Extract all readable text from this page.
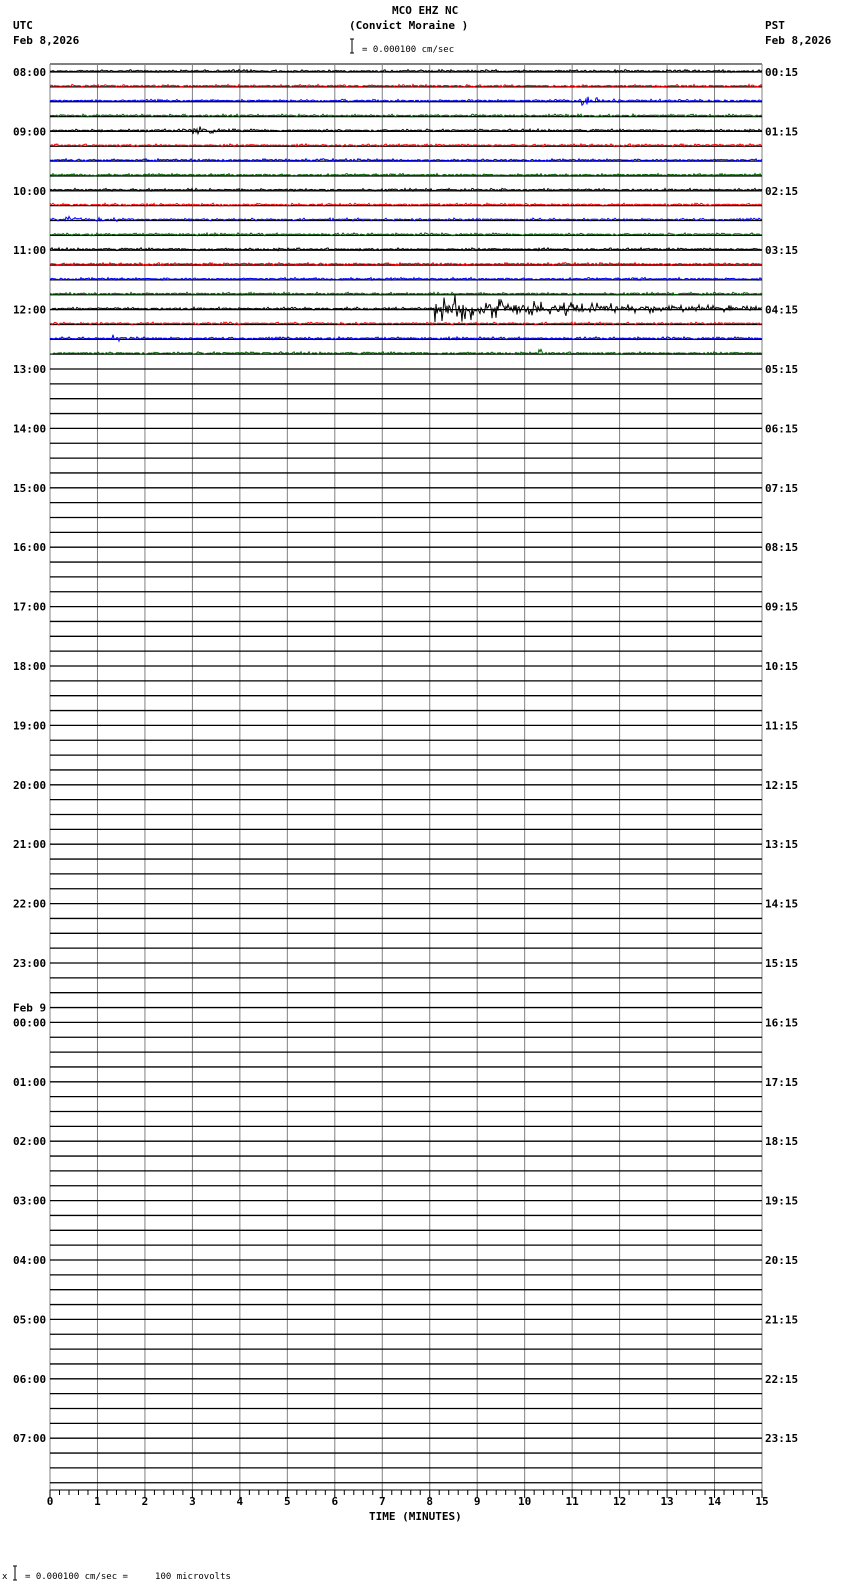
MCO EHZ NC
(Convict Moraine )
UTC
Feb 8,2026
PST
Feb 8,2026
= 0.000100 cm/sec
08:00
09:00
10:00
11:00
12:00
13:00
14:00
15:00
16:00
17:00
18:00
19:00
20:00
21:00
22:00
23:00
00:00
Feb 9
01:00
02:00
03:00
04:00
05:00
06:00
07:00
00:15
01:15
02:15
03:15
04:15
05:15
06:15
07:15
08:15
09:15
10:15
11:15
12:15
13:15
14:15
15:15
16:15
17:15
18:15
19:15
20:15
21:15
22:15
23:15
0	1	2	3	4	5	6	7	8	9	10	11	12	13	14	15
TIME (MINUTES)
x = 0.000100 cm/sec =     100 microvolts
